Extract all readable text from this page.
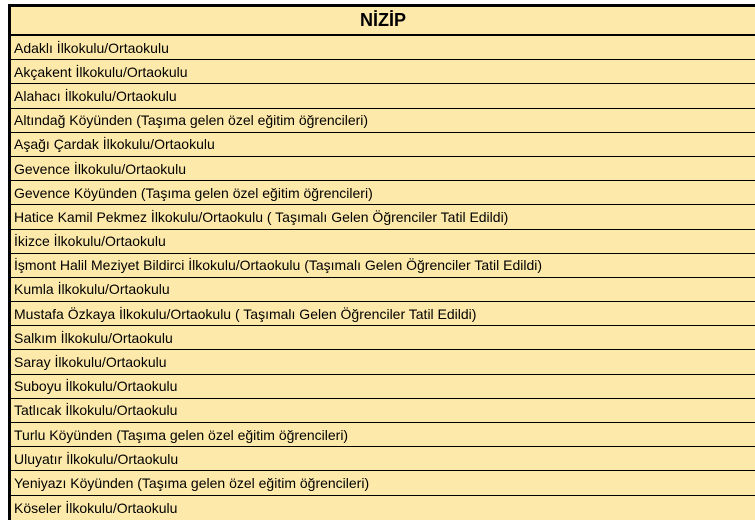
NİZİP
Adaklı İlkokulu/Ortaokulu
Akçakent İlkokulu/Ortaokulu
Alahacı İlkokulu/Ortaokulu
Altındağ Köyünden (Taşıma gelen özel eğitim öğrencileri)
Aşağı Çardak İlkokulu/Ortaokulu
Gevence İlkokulu/Ortaokulu
Gevence Köyünden (Taşıma gelen özel eğitim öğrencileri)
Hatice Kamil Pekmez İlkokulu/Ortaokulu ( Taşımalı Gelen Öğrenciler Tatil Edildi)
İkizce İlkokulu/Ortaokulu
İşmont Halil Meziyet Bildirci İlkokulu/Ortaokulu (Taşımalı Gelen Öğrenciler Tatil Edildi)
Kumla İlkokulu/Ortaokulu
Mustafa Özkaya İlkokulu/Ortaokulu ( Taşımalı Gelen Öğrenciler Tatil Edildi)
Salkım İlkokulu/Ortaokulu
Saray İlkokulu/Ortaokulu
Suboyu İlkokulu/Ortaokulu
Tatlıcak İlkokulu/Ortaokulu
Turlu Köyünden (Taşıma gelen özel eğitim öğrencileri)
Uluyatır İlkokulu/Ortaokulu
Yeniyazı Köyünden (Taşıma gelen özel eğitim öğrencileri)
Köseler İlkokulu/Ortaokulu
